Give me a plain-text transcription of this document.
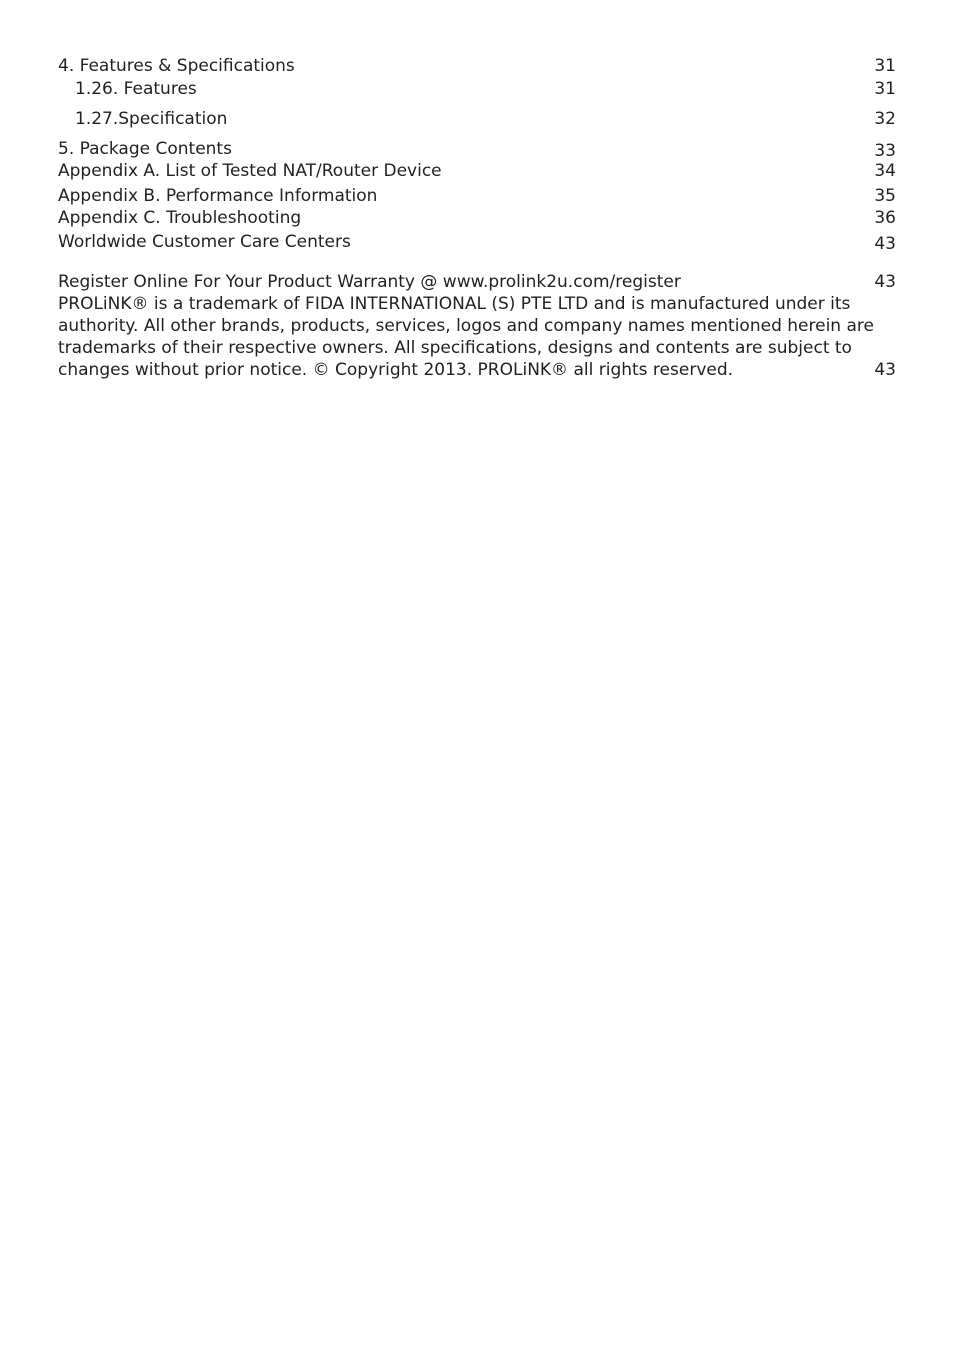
4. Features & Specifications	31
1.26. Features	31
1.27.Specification	32
5. Package Contents	33
Appendix A. List of Tested NAT/Router Device	34
Appendix B. Performance Information	35
Appendix C. Troubleshooting	36
Worldwide Customer Care Centers	43
Register Online For Your Product Warranty @ www.prolink2u.com/register	43
PROLiNK® is a trademark of FIDA INTERNATIONAL (S) PTE LTD and is manufactured under its
authority. All other brands, products, services, logos and company names mentioned herein are
trademarks of their respective owners. All specifications, designs and contents are subject to
changes without prior notice. © Copyright 2013. PROLiNK® all rights reserved.	43
